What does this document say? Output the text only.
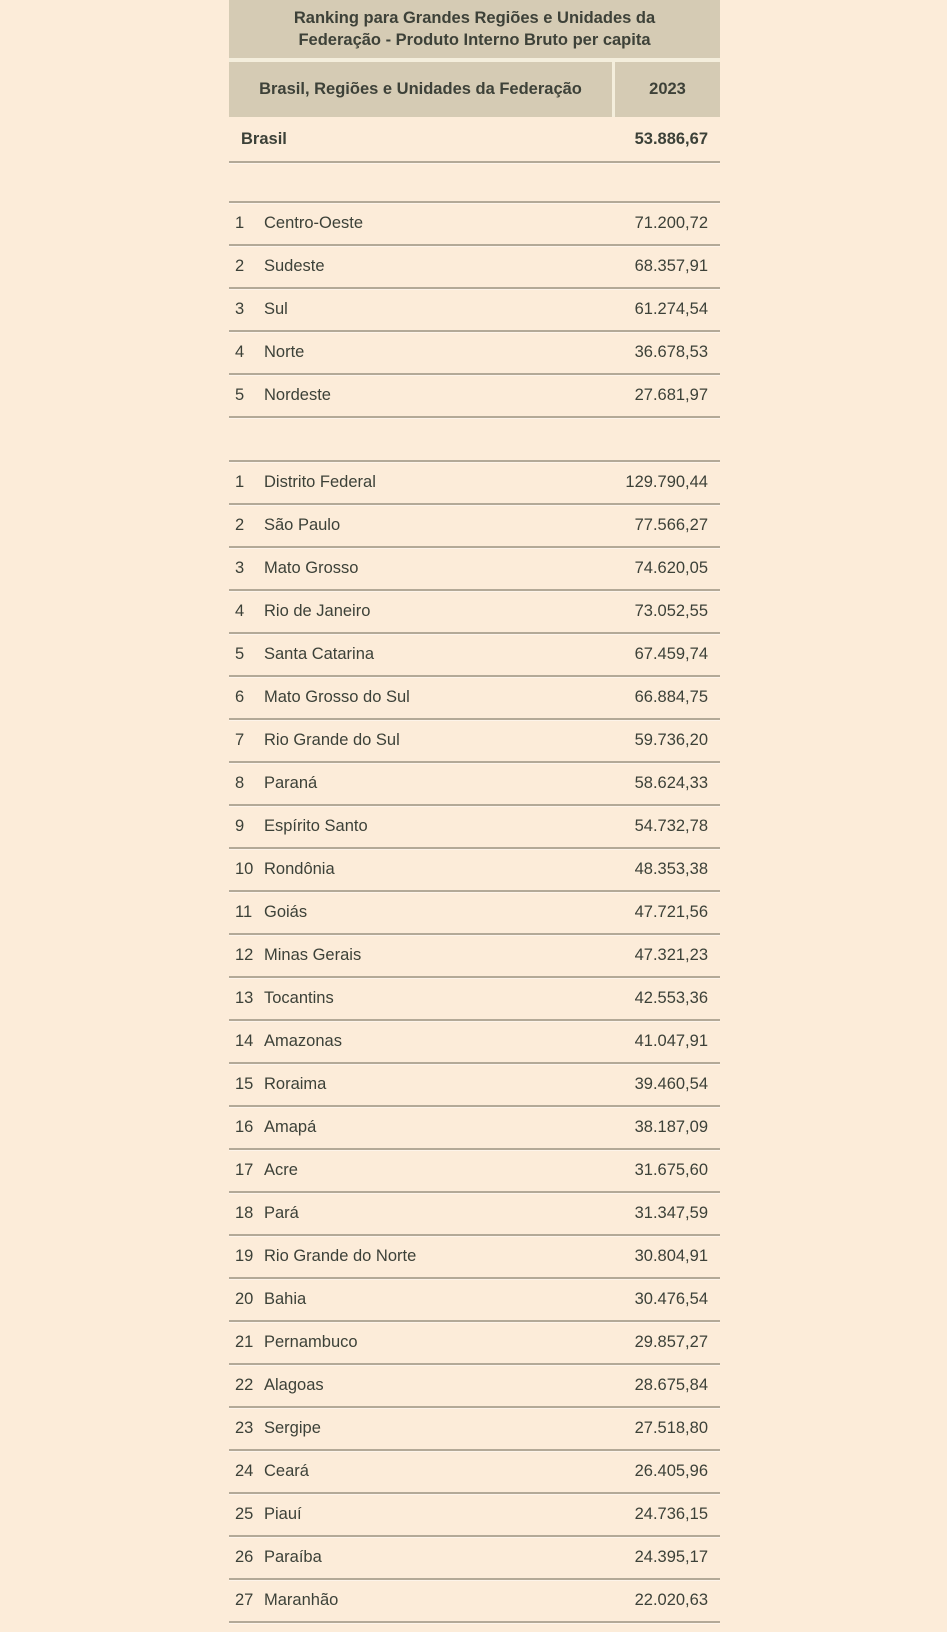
Ranking para Grandes Regiões e Unidades da Federação - Produto Interno Bruto per capita
Brasil, Regiões e Unidades da Federação	2023
Brasil	53.886,67
1	Centro-Oeste	71.200,72
2	Sudeste	68.357,91
3	Sul	61.274,54
4	Norte	36.678,53
5	Nordeste	27.681,97
1	Distrito Federal	129.790,44
2	São Paulo	77.566,27
3	Mato Grosso	74.620,05
4	Rio de Janeiro	73.052,55
5	Santa Catarina	67.459,74
6	Mato Grosso do Sul	66.884,75
7	Rio Grande do Sul	59.736,20
8	Paraná	58.624,33
9	Espírito Santo	54.732,78
10 Rondônia	48.353,38
11 Goiás	47.721,56
12 Minas Gerais	47.321,23
13 Tocantins	42.553,36
14 Amazonas	41.047,91
15 Roraima	39.460,54
16 Amapá	38.187,09
17 Acre	31.675,60
18 Pará	31.347,59
19 Rio Grande do Norte	30.804,91
20 Bahia	30.476,54
21 Pernambuco	29.857,27
22 Alagoas	28.675,84
23 Sergipe	27.518,80
24 Ceará	26.405,96
25 Piauí	24.736,15
26 Paraíba	24.395,17
27 Maranhão	22.020,63
